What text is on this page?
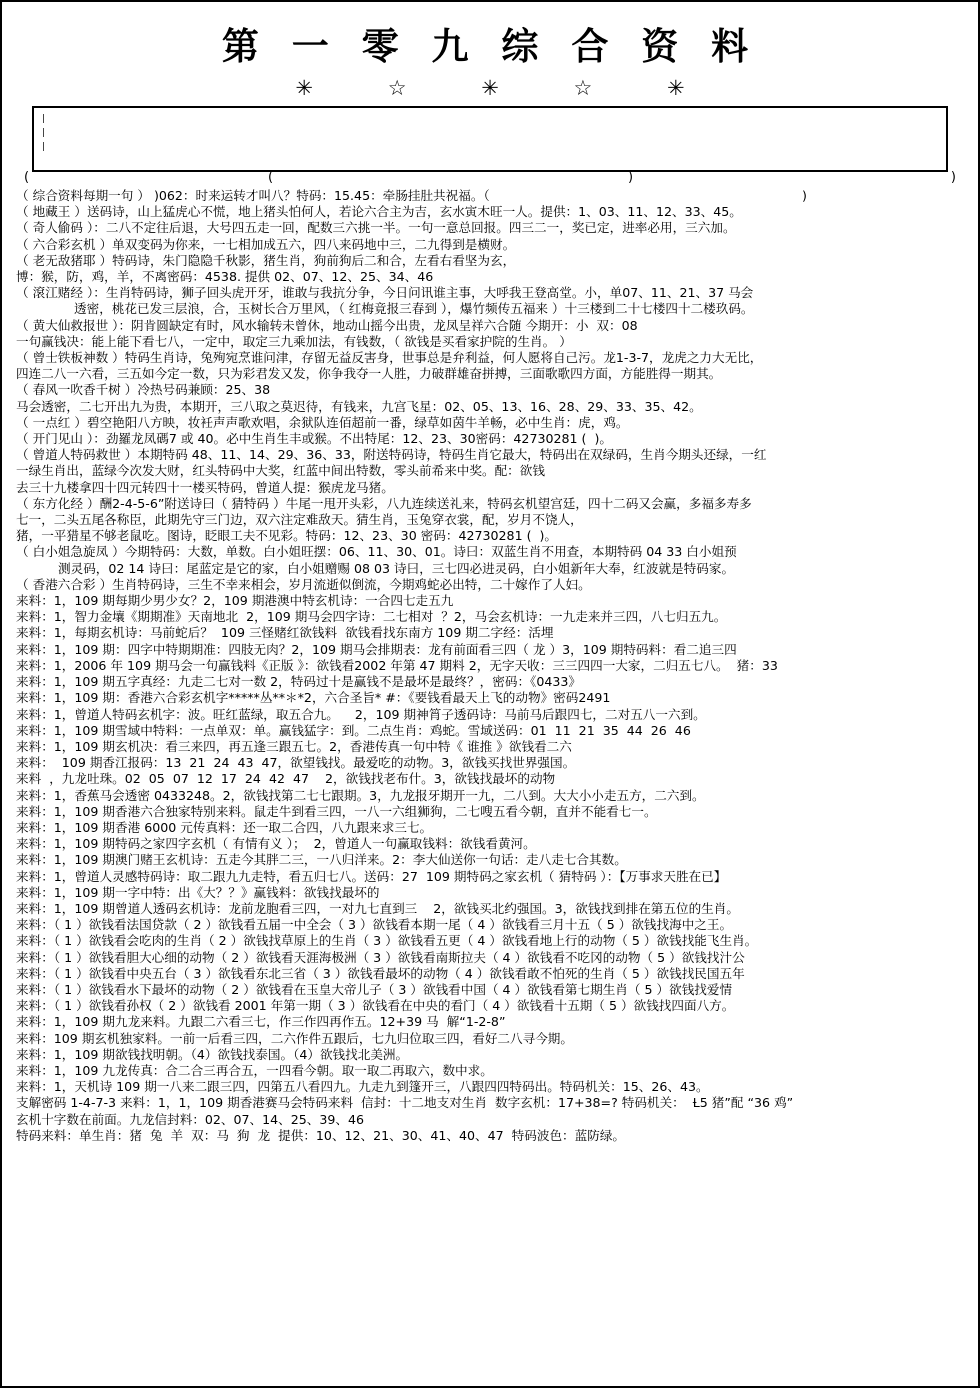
第 一 零 九 综 合 资 料
✳ ☆ ✳ ☆ ✳
|
|
|
(	(	)	)
（ 综合资料每期一句 ） )062：时来运转才叫八？特码：15.45：牵肠挂肚共祝福。（                                                                              )
（ 地藏王 ）送码诗，山上猛虎心不慌，地上猪头怕何人，若论六合主为吉，玄水寅木旺一人。提供：1、03、11、12、33、45。
（ 奇人偷码 ）：二八不定往后退，大号四五走一回，配数三六挑一半。一句一意总回报。四三二一，奖已定，进率必用，三六加。
（ 六合彩玄机 ）单双变码为你来，一七相加成五六，四八来码地中三，二九得到是横财。
（ 老无敌猪耶 ）特码诗，朱门隐隐千秋影，猪生肖，狗前狗后二和合，左看右看坚为玄，
博：猴，防，鸡，羊，不离密码：4538. 提供 02、07、12、25、34、46
（ 滾江赌经 ）：生肖特码诗，狮子回头虎开牙，谁敢与我抗分争，今日问讯谁主事，大呼我王登高堂。小，单07、11、21、37 马会
透密，桃花已发三层浪，合，玉树长合万里风，（ 红梅竟报三春到 ），爆竹频传五福来 ）十三楼到二十七楼四十二楼玖码。
（ 黄大仙救报世 ）：阴肯圆缺定有时，风水输转未曾休，地动山摇今出贵，龙凤呈祥六合随 今期开：小  双：08
一句赢钱决：能上能下看七八，一定中，取定三九乘加法，有钱数，（ 欲钱是买看家护院的生肖。 ）
（ 曾士铁板神数 ）特码生肖诗，兔殉宛烹谁问津，存留无益反害身，世事总是弁利益，何人愿将自己污。龙1-3-7，龙虎之力大无比，
四连二八一六看，三五如今定一数，只为彩君发又发，你争我夺一人胜，力破群雄奋拼搏，三面歌歌四方面，方能胜得一期其。
（ 春风一吹香千树 ）冷热号码兼顾：25、38
马会透密，二七开出九为贵，本期开，三八取之莫迟待，有钱来，九宫飞星：02、05、13、16、28、29、33、35、42。
（ 一点红 ）碧空艳阳八方映，妆衽声声歌欢唱，余狱队连佰超前一番，绿草如茵牛羊畅，必中生肖：虎，鸡。
（ 开门见山 ）：劲羅龙凤碼7 或 40。必中生肖生丰或猴。不出特尾：12、23、30密码：42730281 (  )。
（ 曾道人特码救世 ）本期特码 48、11、14、29、36、33，附送特码诗，特码生肖它最大，特码出在双绿码，生肖今期头还绿，一红
一绿生肖出，蓝绿今次发大财，红头特码中大奖，红蓝中间出特数，零头前希来中奖。配：欲钱
去三十九楼拿四十四元转四十一楼买特码，曾道人提：猴虎龙马猪。
（ 东方化经 ）酬2-4-5-6”附送诗曰（ 猜特码 ）牛尾一甩开头彩，八九连续送礼来，特码玄机望宫廷，四十二码又会赢，多福多寿多
七一，二头五尾各称臣，此期先守三门边，双六注定难敌天。猜生肖，玉兔穿衣裳，配，岁月不饶人，
猪，一平猎星不够老鼠吃。图诗，眨眼工夫不见彩。特码：12、23、30 密码：42730281 (  )。
（ 白小姐急旋凤 ）今期特码：大数，单数。白小姐旺摆：06、11、30、01。诗曰：双蓝生肖不用查，本期特码 04 33 白小姐预
测灵码，02 14 诗曰：尾蓝定是它的家，白小姐赠赐 08 03 诗曰，三七四必进灵码，白小姐新年大奉，红波就是特码家。
（ 香港六合彩 ）生肖特码诗，三生不幸来相会，岁月流逝似倒流，今期鸡蛇必出特，二十嫁作了人妇。
来料：1，109 期每期少男少女？2，109 期港澳中特玄机诗：一合四七走五九
来料：1，智力金壤《期期准》天南地北  2，109 期马会四字诗：二七相对  ？2，马会玄机诗：一九走来并三四，八七归五九。
来料：1，每期玄机诗：马前蛇后？  109 三怪赌红欲钱料  欲钱看找东南方 109 期二字经：活埋
来料：1，109 期：四字中特期期准：四肢无肉？2，109 期马会排期表：龙有前面看三四（ 龙 ）3，109 期特码料：看二追三四
来料：1，2006 年 109 期马会一句赢钱料《正版 》：欲钱看2002 年第 47 期料 2，无字天收：三三四四一大家，二归五七八。  猪：33
来料：1，109 期五字真经：九走二七对一数 2，特码过十是赢钱不是最坏是最终？，密码：《0433》
来料：1，109 期：香港六合彩玄机字*****丛**＊*2，六合圣旨* #：《要钱看最天上飞的动物》密码2491
来料：1，曾道人特码玄机字：波。旺红蓝绿，取五合九。    2，109 期神筲子透码诗：马前马后跟四七，二对五八一六到。
来料：1，109 期雪域中特料：一点单双：单。赢钱猛字：到。二点生肖：鸡蛇。雪域送码：01  11  21  35  44  26  46
来料：1，109 期玄机决：看三来四，再五逢三跟五七。2，香港传真一句中特《 谁推 》欲钱看二六
来料：  109 期香江报码：13  21  24  43  47，欲望钱找。最爱吃的动物。3，欲钱买找世界强国。
来料  ，九龙吐珠。02  05  07  12  17  24  42  47    2，欲钱找老布什。3，欲钱找最坏的动物
来料：1，香蕉马会透密 0433248。2，欲钱找第二七七跟期。3，九龙报牙期开一九，二八到。大大小小走五方，二六到。
来料：1，109 期香港六合独家特别来料。鼠走牛到看三四，一八一六组狮狗，二七嗖五看今朝，直并不能看七一。
来料：1，109 期香港 6000 元传真料：还一取二合四，八九跟来求三七。
来料：1，109 期特码之家四字玄机（ 有情有义 ）；  2，曾道人一句赢取钱料：欲钱看黄河。
来料：1，109 期澳门赌王玄机诗：五走今其胖二三，一八归洋来。2：李大仙送你一句话：走八走七合其数。
来料：1，曾道人灵感特码诗：取二跟九九走特，看五归七八。送码：27  109 期特码之家玄机（ 猜特码 ）：【万事求天胜在已】
来料：1，109 期一字中特：出《大？？》赢钱料：欲钱找最坏的
来料：1，109 期曾道人透码玄机诗：龙前龙胞看三四，一对九七直到三    2，欲钱买北约强国。3，欲钱找到排在第五位的生肖。
来料：（ 1 ）欲钱看法国贷款（ 2 ）欲钱看五届一中全会（ 3 ）欲钱看本期一尾（ 4 ）欲钱看三月十五（ 5 ）欲钱找海中之王。
来料：（ 1 ）欲钱看会吃肉的生肖（ 2 ）欲钱找草原上的生肖（ 3 ）欲钱看五更（ 4 ）欲钱看地上行的动物（ 5 ）欲钱找能飞生肖。
来料：（ 1 ）欲钱看胆大心细的动物（ 2 ）欲钱看天涯海极洲（ 3 ）欲钱看南斯拉夫（ 4 ）欲钱看不吃冈的动物（ 5 ）欲钱找汁公
来料：（ 1 ）欲钱看中央五台（ 3 ）欲钱看东北三省（ 3 ）欲钱看最坏的动物（ 4 ）欲钱看敢不怕死的生肖（ 5 ）欲钱找民国五年
来料：（ 1 ）欲钱看水下最坏的动物（ 2 ）欲钱看在玉皇大帝儿子（ 3 ）欲钱看中国（ 4 ）欲钱看第七期生肖（ 5 ）欲钱找爱情
来料：（ 1 ）欲钱看孙权（ 2 ）欲钱看 2001 年第一期（ 3 ）欲钱看在中央的看门（ 4 ）欲钱看十五期（ 5 ）欲钱找四面八方。
来料：1，109 期九龙来料。九跟二六看三七，作三作四再作五。12+39 马  解“1-2-8”
来料：109 期玄机独家料。一前一后看三四，二六作件五跟后，七九归位取三四，看好二八寻今期。
来料：1，109 期欲钱找明朝。（4）欲钱找泰国。（4）欲钱找北美洲。
来料：1，109 九龙传真：合二合三再合五，一四看今朝。取一取二再取六，数中求。
来料：1，天机诗 109 期一八来二跟三四，四第五八看四九。九走九到篷开三，八跟四四特码出。特码机关：15、26、43。
支解密码 1-4-7-3 来料：1，1，109 期香港赛马会特码来料  信封：十二地支对生肖  数字玄机：17+38=? 特码机关：  Ƚ5 猪”配 “36 鸡”
玄机十字数在前面。九龙信封料：02、07、14、25、39、46
特码来料：单生肖：猪  兔  羊  双：马  狗  龙  提供：10、12、21、30、41、40、47  特码波色：蓝防绿。
